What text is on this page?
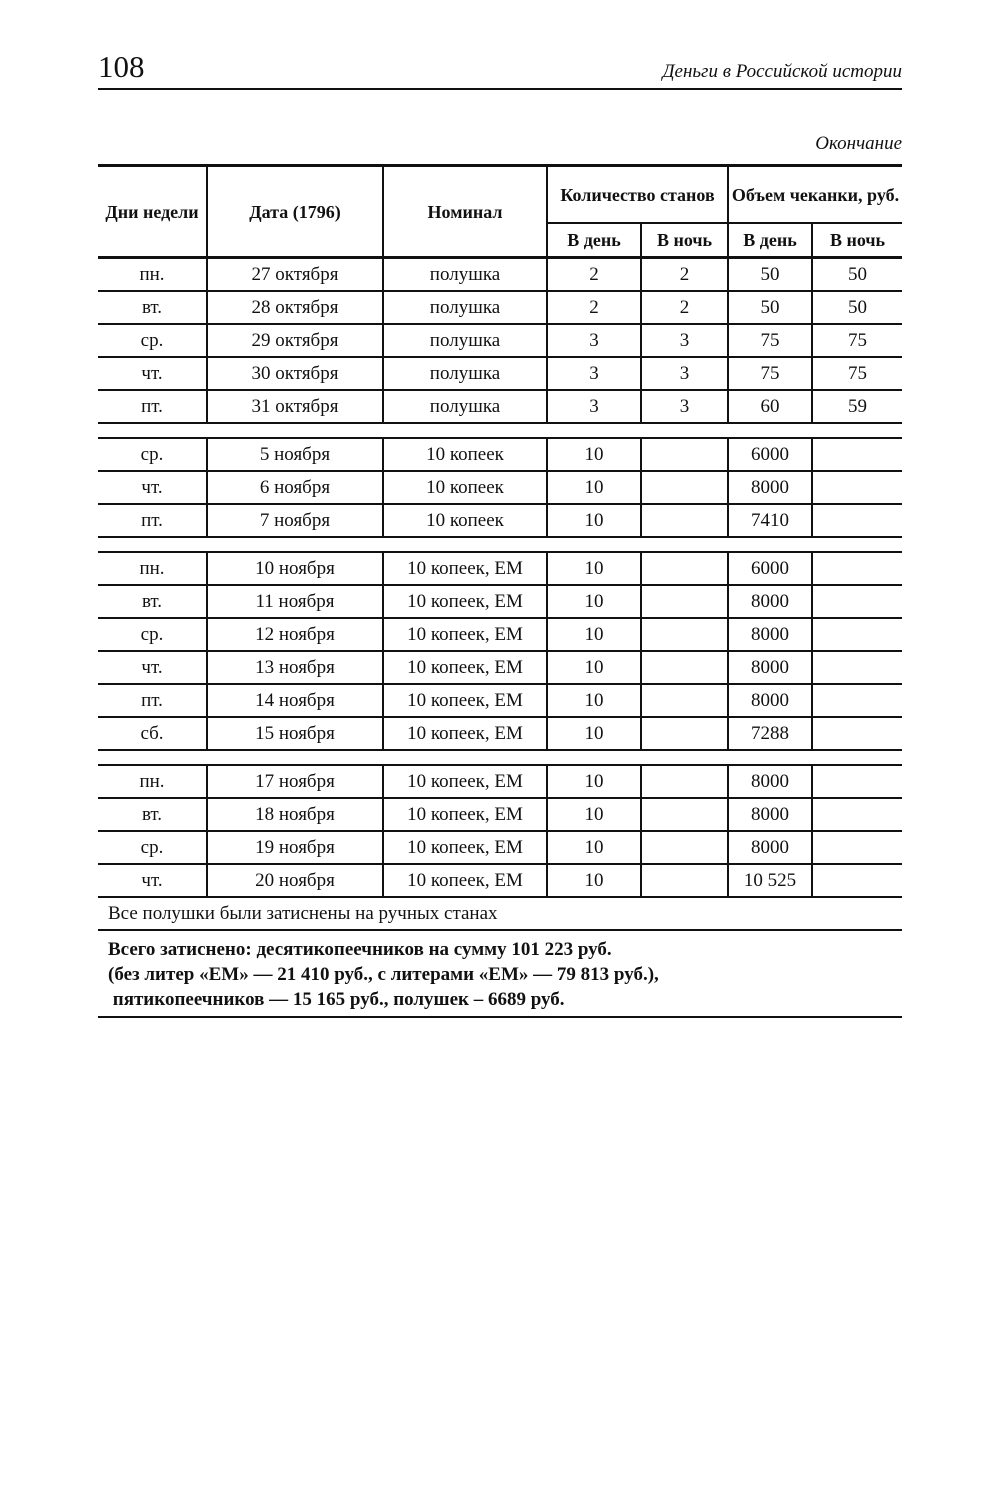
108	Деньги в Российской истории
Окончание
Дни недели	Дата (1796)	Номинал	Количество станов		Объем чеканки, руб.	
			В день	В ночь	В день	В ночь
пн.	27 октября	полушка	2	2	50	50
вт.	28 октября	полушка	2	2	50	50
ср.	29 октября	полушка	3	3	75	75
чт.	30 октября	полушка	3	3	75	75
пт.	31 октября	полушка	3	3	60	59

ср.	5 ноября	10 копеек	10		6000	
чт.	6 ноября	10 копеек	10		8000	
пт.	7 ноября	10 копеек	10		7410	

пн.	10 ноября	10 копеек, ЕМ	10		6000	
вт.	11 ноября	10 копеек, ЕМ	10		8000	
ср.	12 ноября	10 копеек, ЕМ	10		8000	
чт.	13 ноября	10 копеек, ЕМ	10		8000	
пт.	14 ноября	10 копеек, ЕМ	10		8000	
сб.	15 ноября	10 копеек, ЕМ	10		7288	

пн.	17 ноября	10 копеек, ЕМ	10		8000	
вт.	18 ноября	10 копеек, ЕМ	10		8000	
ср.	19 ноября	10 копеек, ЕМ	10		8000	
чт.	20 ноября	10 копеек, ЕМ	10		10 525	
Все полушки были затиснены на ручных станах						

Всего затиснено: десятикопеечников на сумму 101 223 руб.
(без литер «ЕМ» — 21 410 руб., с литерами «ЕМ» — 79 813 руб.),
пятикопеечников — 15 165 руб., полушек – 6689 руб.						
